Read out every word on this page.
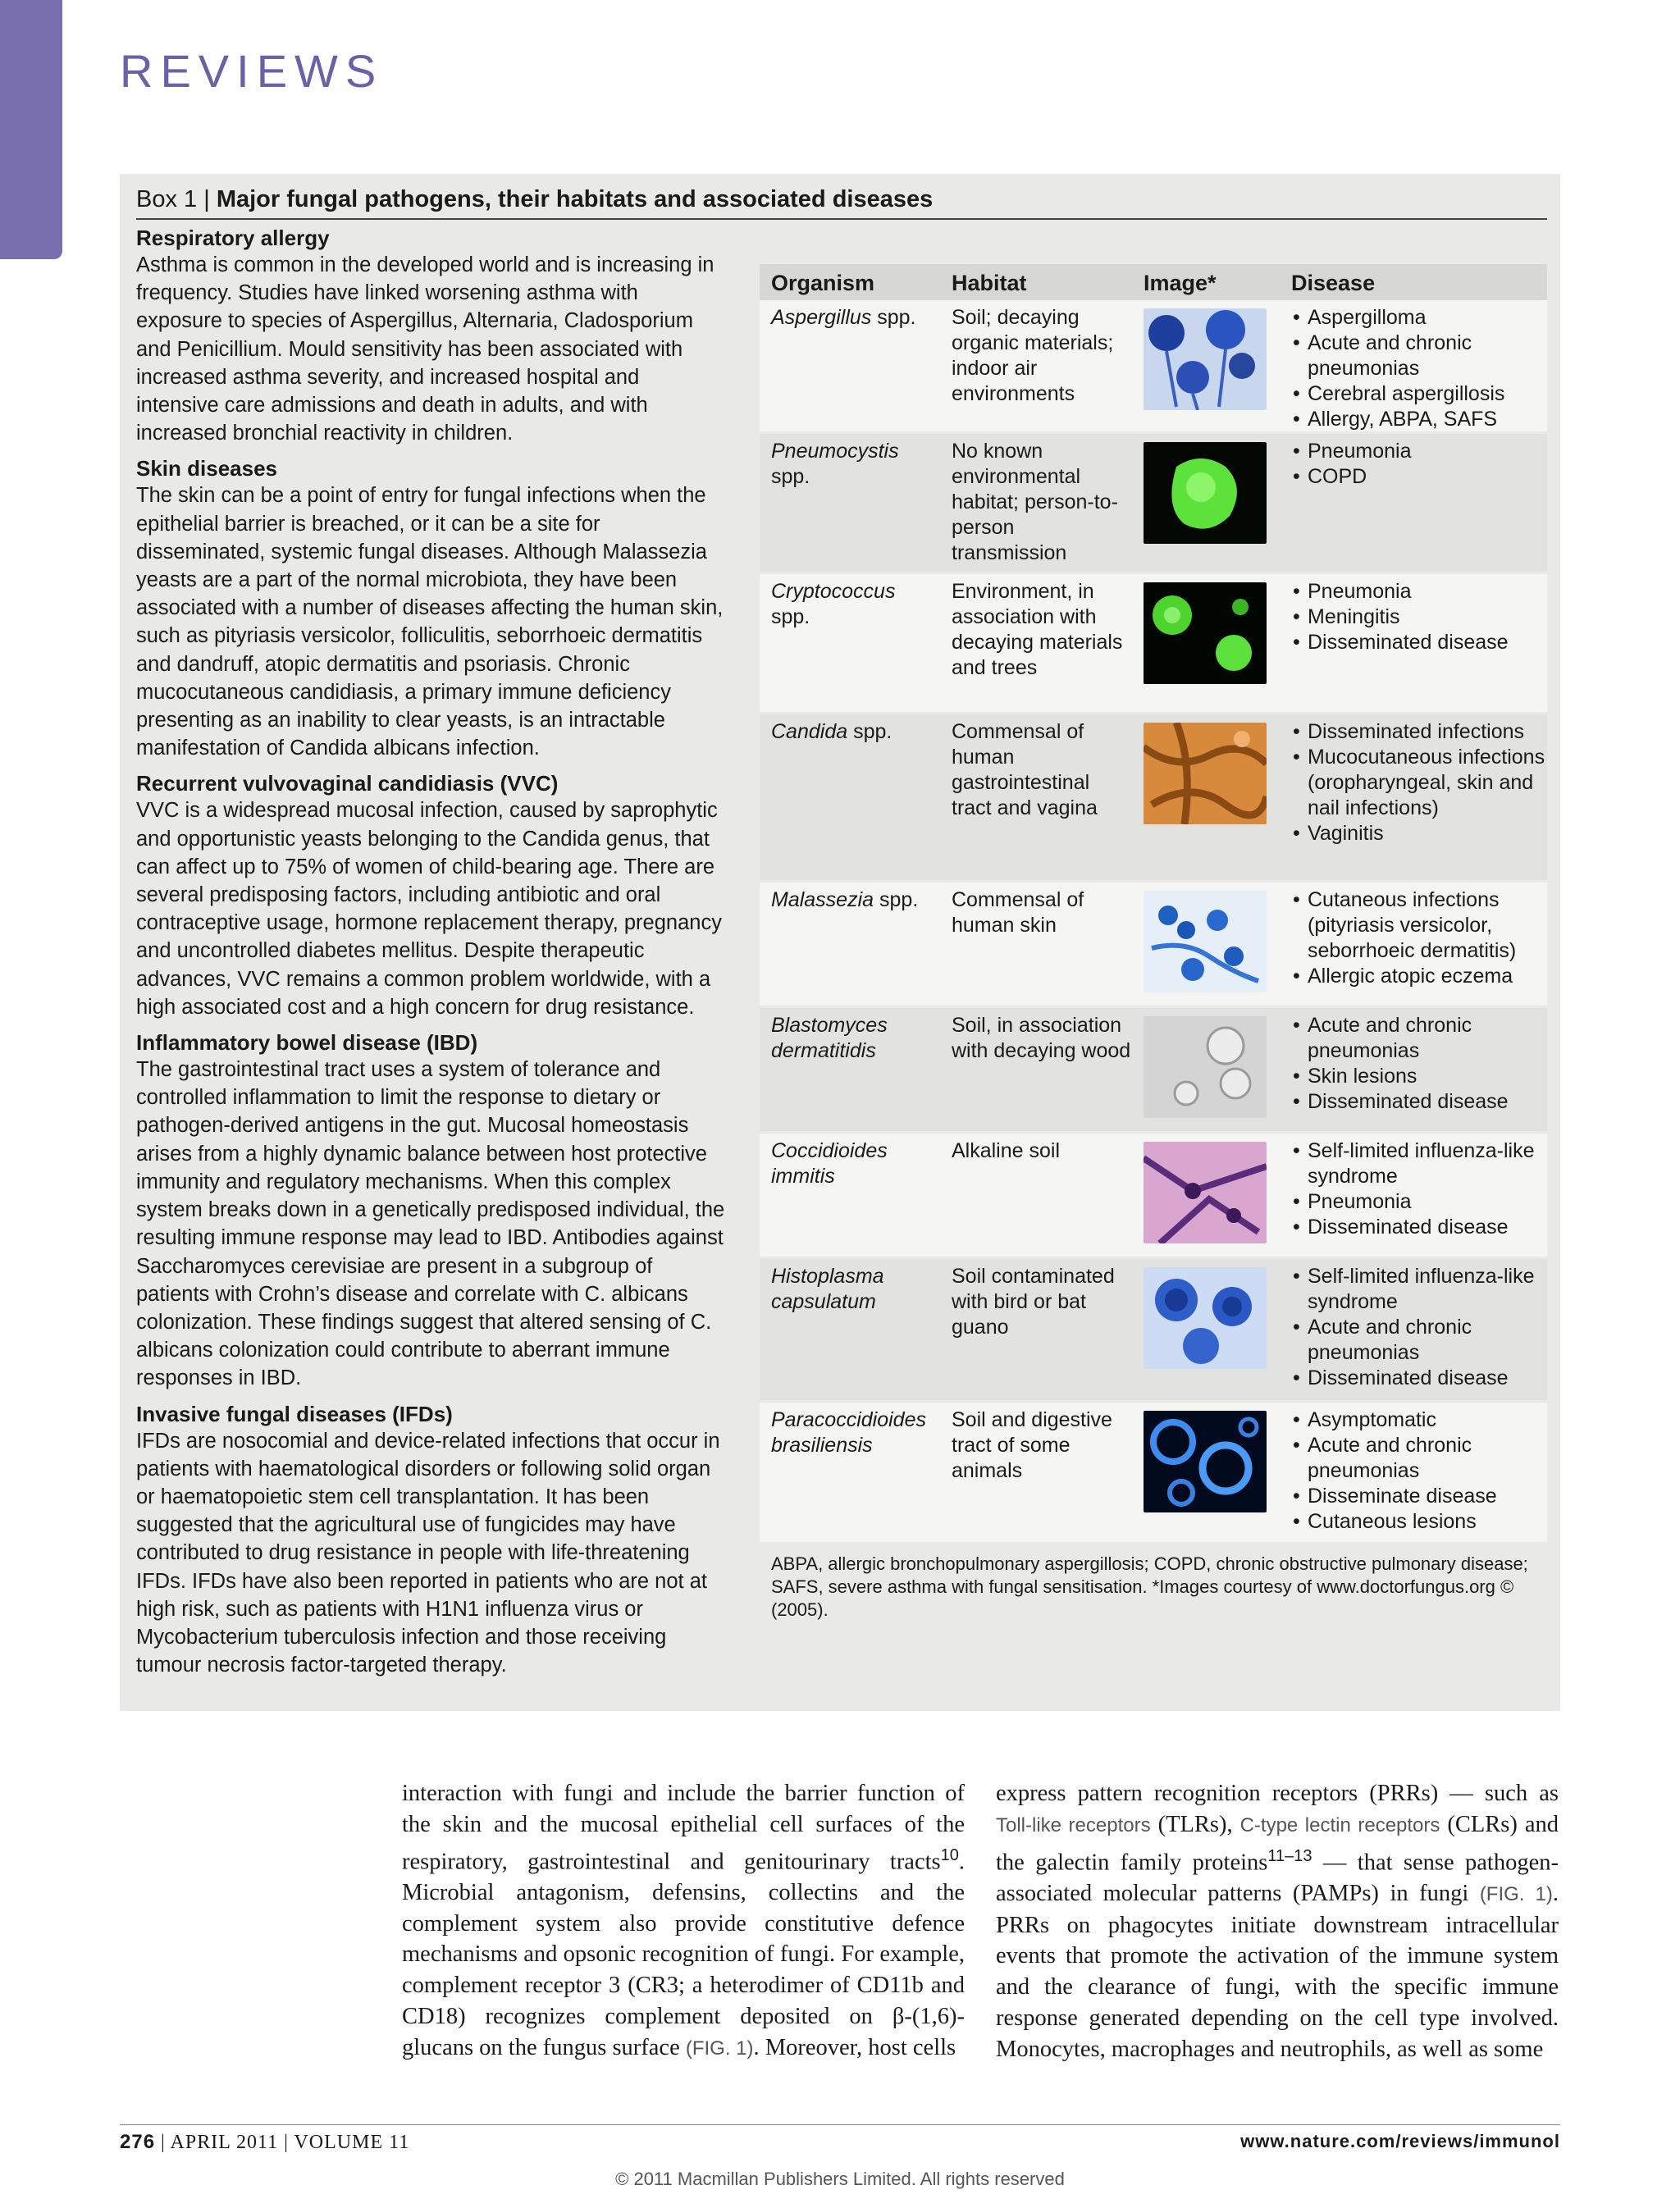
REVIEWS
Box 1 | Major fungal pathogens, their habitats and associated diseases
Respiratory allergy

Asthma is common in the developed world and is increasing in frequency. Studies have linked worsening asthma with exposure to species of Aspergillus, Alternaria, Cladosporium and Penicillium. Mould sensitivity has been associated with increased asthma severity, and increased hospital and intensive care admissions and death in adults, and with increased bronchial reactivity in children.

Skin diseases

The skin can be a point of entry for fungal infections when the epithelial barrier is breached, or it can be a site for disseminated, systemic fungal diseases. Although Malassezia yeasts are a part of the normal microbiota, they have been associated with a number of diseases affecting the human skin, such as pityriasis versicolor, folliculitis, seborrhoeic dermatitis and dandruff, atopic dermatitis and psoriasis. Chronic mucocutaneous candidiasis, a primary immune deficiency presenting as an inability to clear yeasts, is an intractable manifestation of Candida albicans infection.

Recurrent vulvovaginal candidiasis (VVC)

VVC is a widespread mucosal infection, caused by saprophytic and opportunistic yeasts belonging to the Candida genus, that can affect up to 75% of women of child-bearing age. There are several predisposing factors, including antibiotic and oral contraceptive usage, hormone replacement therapy, pregnancy and uncontrolled diabetes mellitus. Despite therapeutic advances, VVC remains a common problem worldwide, with a high associated cost and a high concern for drug resistance.

Inflammatory bowel disease (IBD)

The gastrointestinal tract uses a system of tolerance and controlled inflammation to limit the response to dietary or pathogen-derived antigens in the gut. Mucosal homeostasis arises from a highly dynamic balance between host protective immunity and regulatory mechanisms. When this complex system breaks down in a genetically predisposed individual, the resulting immune response may lead to IBD. Antibodies against Saccharomyces cerevisiae are present in a subgroup of patients with Crohn’s disease and correlate with C. albicans colonization. These findings suggest that altered sensing of C. albicans colonization could contribute to aberrant immune responses in IBD.

Invasive fungal diseases (IFDs)

IFDs are nosocomial and device-related infections that occur in patients with haematological disorders or following solid organ or haematopoietic stem cell transplantation. It has been suggested that the agricultural use of fungicides may have contributed to drug resistance in people with life-threatening IFDs. IFDs have also been reported in patients who are not at high risk, such as patients with H1N1 influenza virus or Mycobacterium tuberculosis infection and those receiving tumour necrosis factor-targeted therapy.

Organism	Habitat	Image*	Disease
Aspergillus spp.	Soil; decaying organic materials; indoor air environments
• Aspergilloma
• Acute and chronic pneumonias
• Cerebral aspergillosis
• Allergy, ABPA, SAFS
Pneumocystis spp.
No known environmental habitat; person-to-person transmission
• Pneumonia
• COPD
Cryptococcus spp.
Environment, in association with decaying materials and trees
• Pneumonia
• Meningitis
• Disseminated disease
Candida spp.	Commensal of human gastrointestinal tract and vagina
• Disseminated infections
• Mucocutaneous infections (oropharyngeal, skin and nail infections)
• Vaginitis
Malassezia spp.	Commensal of human skin
• Cutaneous infections (pityriasis versicolor, seborrhoeic dermatitis)
• Allergic atopic eczema
Blastomyces dermatitidis
Soil, in association with decaying wood
• Acute and chronic pneumonias
• Skin lesions
• Disseminated disease
Coccidioides immitis
Alkaline soil
•	Self-limited influenza-like syndrome
• Pneumonia
• Disseminated disease
Histoplasma capsulatum
Soil contaminated with bird or bat guano
• Self-limited influenza-like syndrome
• Acute and chronic pneumonias
• Disseminated disease
Paracoccidioides brasiliensis
Soil and digestive tract of some animals
• Asymptomatic
• Acute and chronic pneumonias
• Disseminate disease
• Cutaneous lesions
ABPA, allergic bronchopulmonary aspergillosis; COPD, chronic obstructive pulmonary disease; SAFS, severe asthma with fungal sensitisation. *Images courtesy of www.doctorfungus.org © (2005).
interaction with fungi and include the barrier function of the skin and the mucosal epithelial cell surfaces of the respiratory, gastrointestinal and genitourinary tracts$^{10}$. Microbial antagonism, defensins, collectins and the complement system also provide constitutive defence mechanisms and opsonic recognition of fungi. For example, complement receptor 3 (CR3; a heterodimer of CD11b and CD18) recognizes complement deposited on β-(1,6)-glucans on the fungus surface (FIG. 1). Moreover, host cells
express pattern recognition receptors (PRRs) — such as Toll-like receptors (TLRs), C-type lectin receptors (CLRs) and the galectin family proteins$^{11-13}$ — that sense pathogen-associated molecular patterns (PAMPs) in fungi (FIG. 1). PRRs on phagocytes initiate downstream intracellular events that promote the activation of the immune system and the clearance of fungi, with the specific immune response generated depending on the cell type involved. Monocytes, macrophages and neutrophils, as well as some
276 | APRIL 2011 | VOLUME 11	www.nature.com/reviews/immunol
© 2011 Macmillan Publishers Limited. All rights reserved
